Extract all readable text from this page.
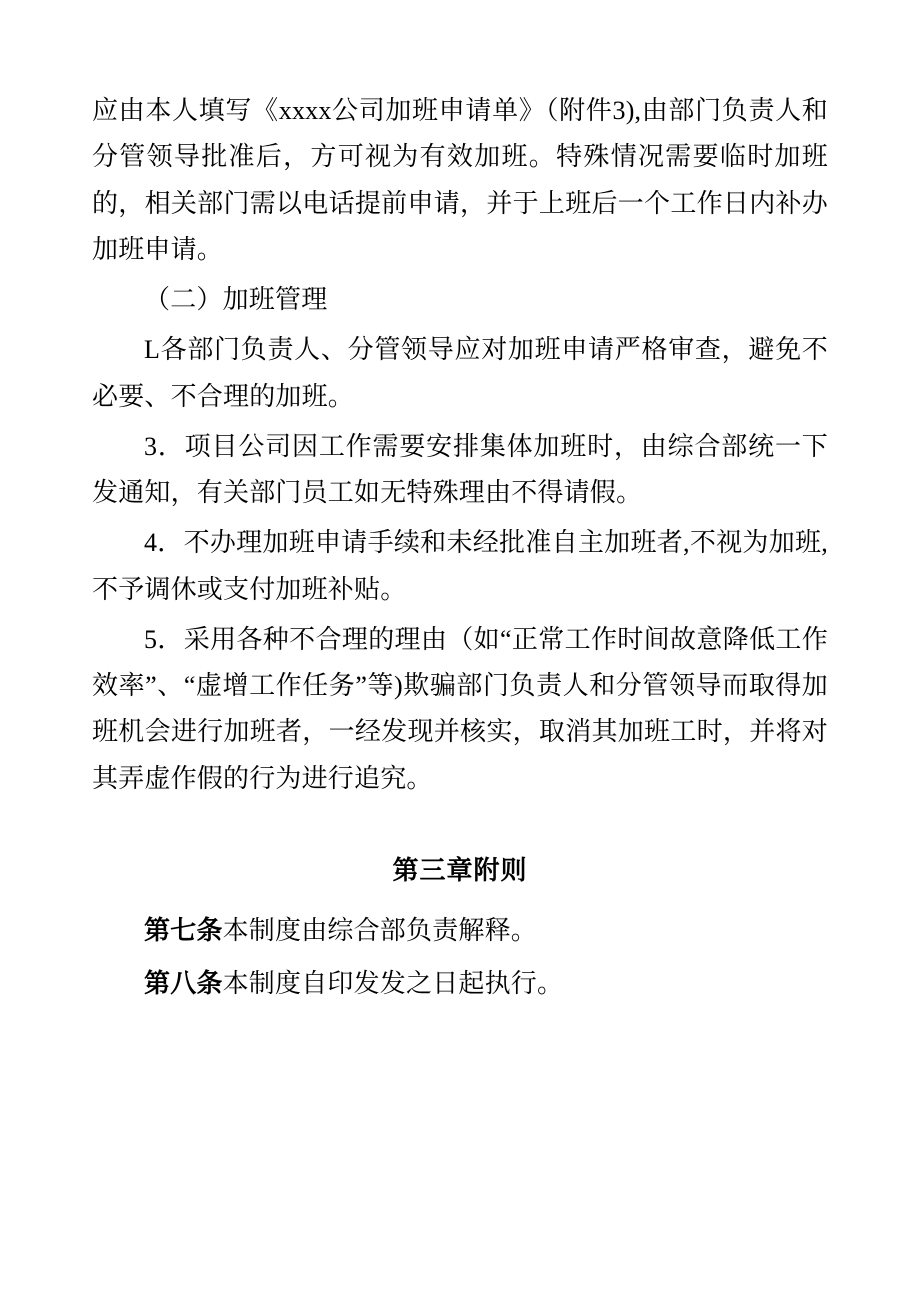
应由本人填写《xxxx公司加班申请单》（附件3),由部门负责人和分管领导批准后，方可视为有效加班。特殊情况需要临时加班的，相关部门需以电话提前申请，并于上班后一个工作日内补办加班申请。

（二）加班管理

L各部门负责人、分管领导应对加班申请严格审查，避免不必要、不合理的加班。

3．项目公司因工作需要安排集体加班时，由综合部统一下发通知，有关部门员工如无特殊理由不得请假。

4．不办理加班申请手续和未经批准自主加班者,不视为加班,不予调休或支付加班补贴。

5．采用各种不合理的理由（如“正常工作时间故意降低工作效率”、“虚增工作任务”等)欺骗部门负责人和分管领导而取得加班机会进行加班者，一经发现并核实，取消其加班工时，并将对其弄虚作假的行为进行追究。

第三章附则

第七条本制度由综合部负责解释。

第八条本制度自印发发之日起执行。
